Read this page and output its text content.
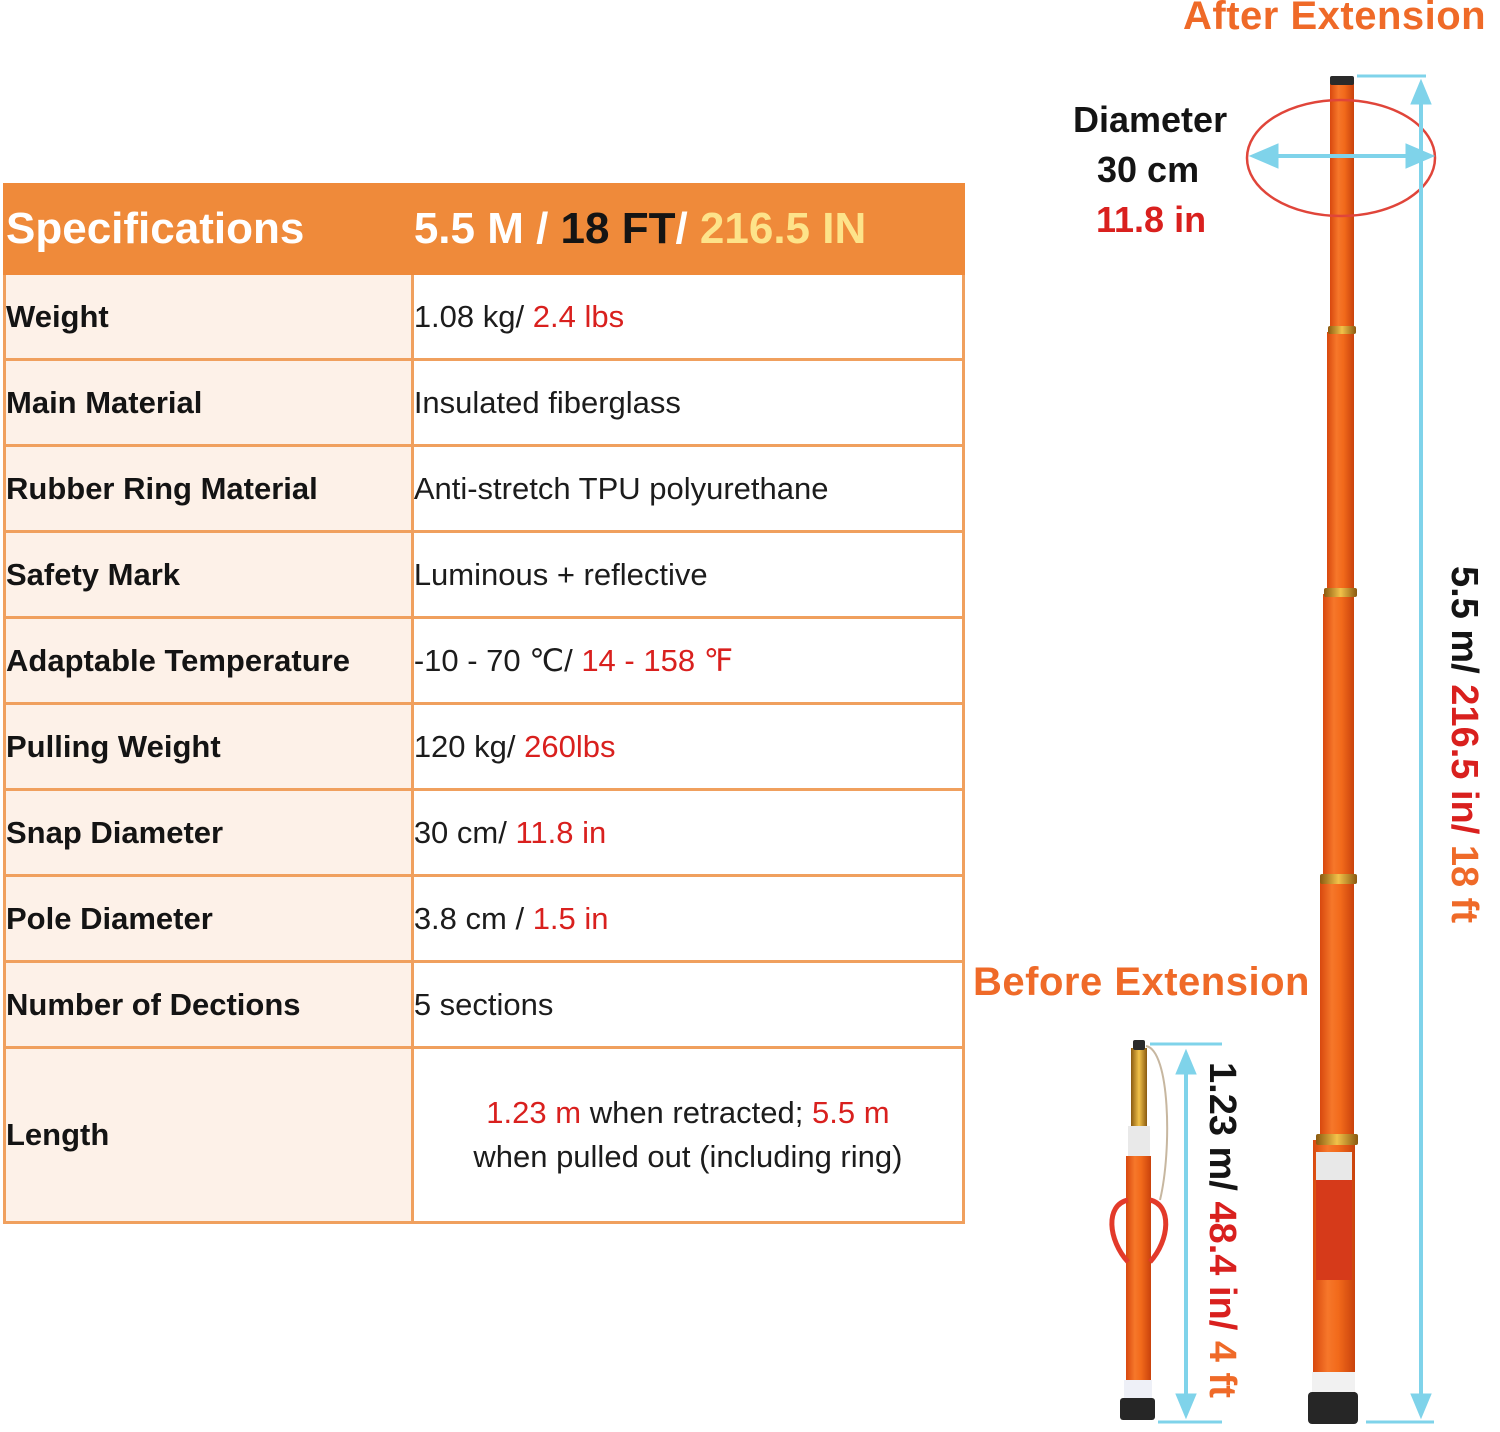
Specifications	5.5 M / 18 FT/ 216.5 IN
Weight	1.08 kg/ 2.4 lbs
Main Material	Insulated fiberglass
Rubber Ring Material	Anti-stretch TPU polyurethane
Safety Mark	Luminous + reflective
Adaptable Temperature	-10 - 70 ℃/ 14 - 158 ℉
Pulling Weight	120 kg/ 260lbs
Snap Diameter	30 cm/ 11.8 in
Pole Diameter	3.8 cm / 1.5 in
Number of Dections	5 sections
Length	1.23 m when retracted; 5.5 m
when pulled out (including ring)
After Extension
Before Extension
Diameter
30 cm
11.8 in
5.5 m/ 216.5 in/ 18 ft
1.23 m/ 48.4 in/ 4 ft
